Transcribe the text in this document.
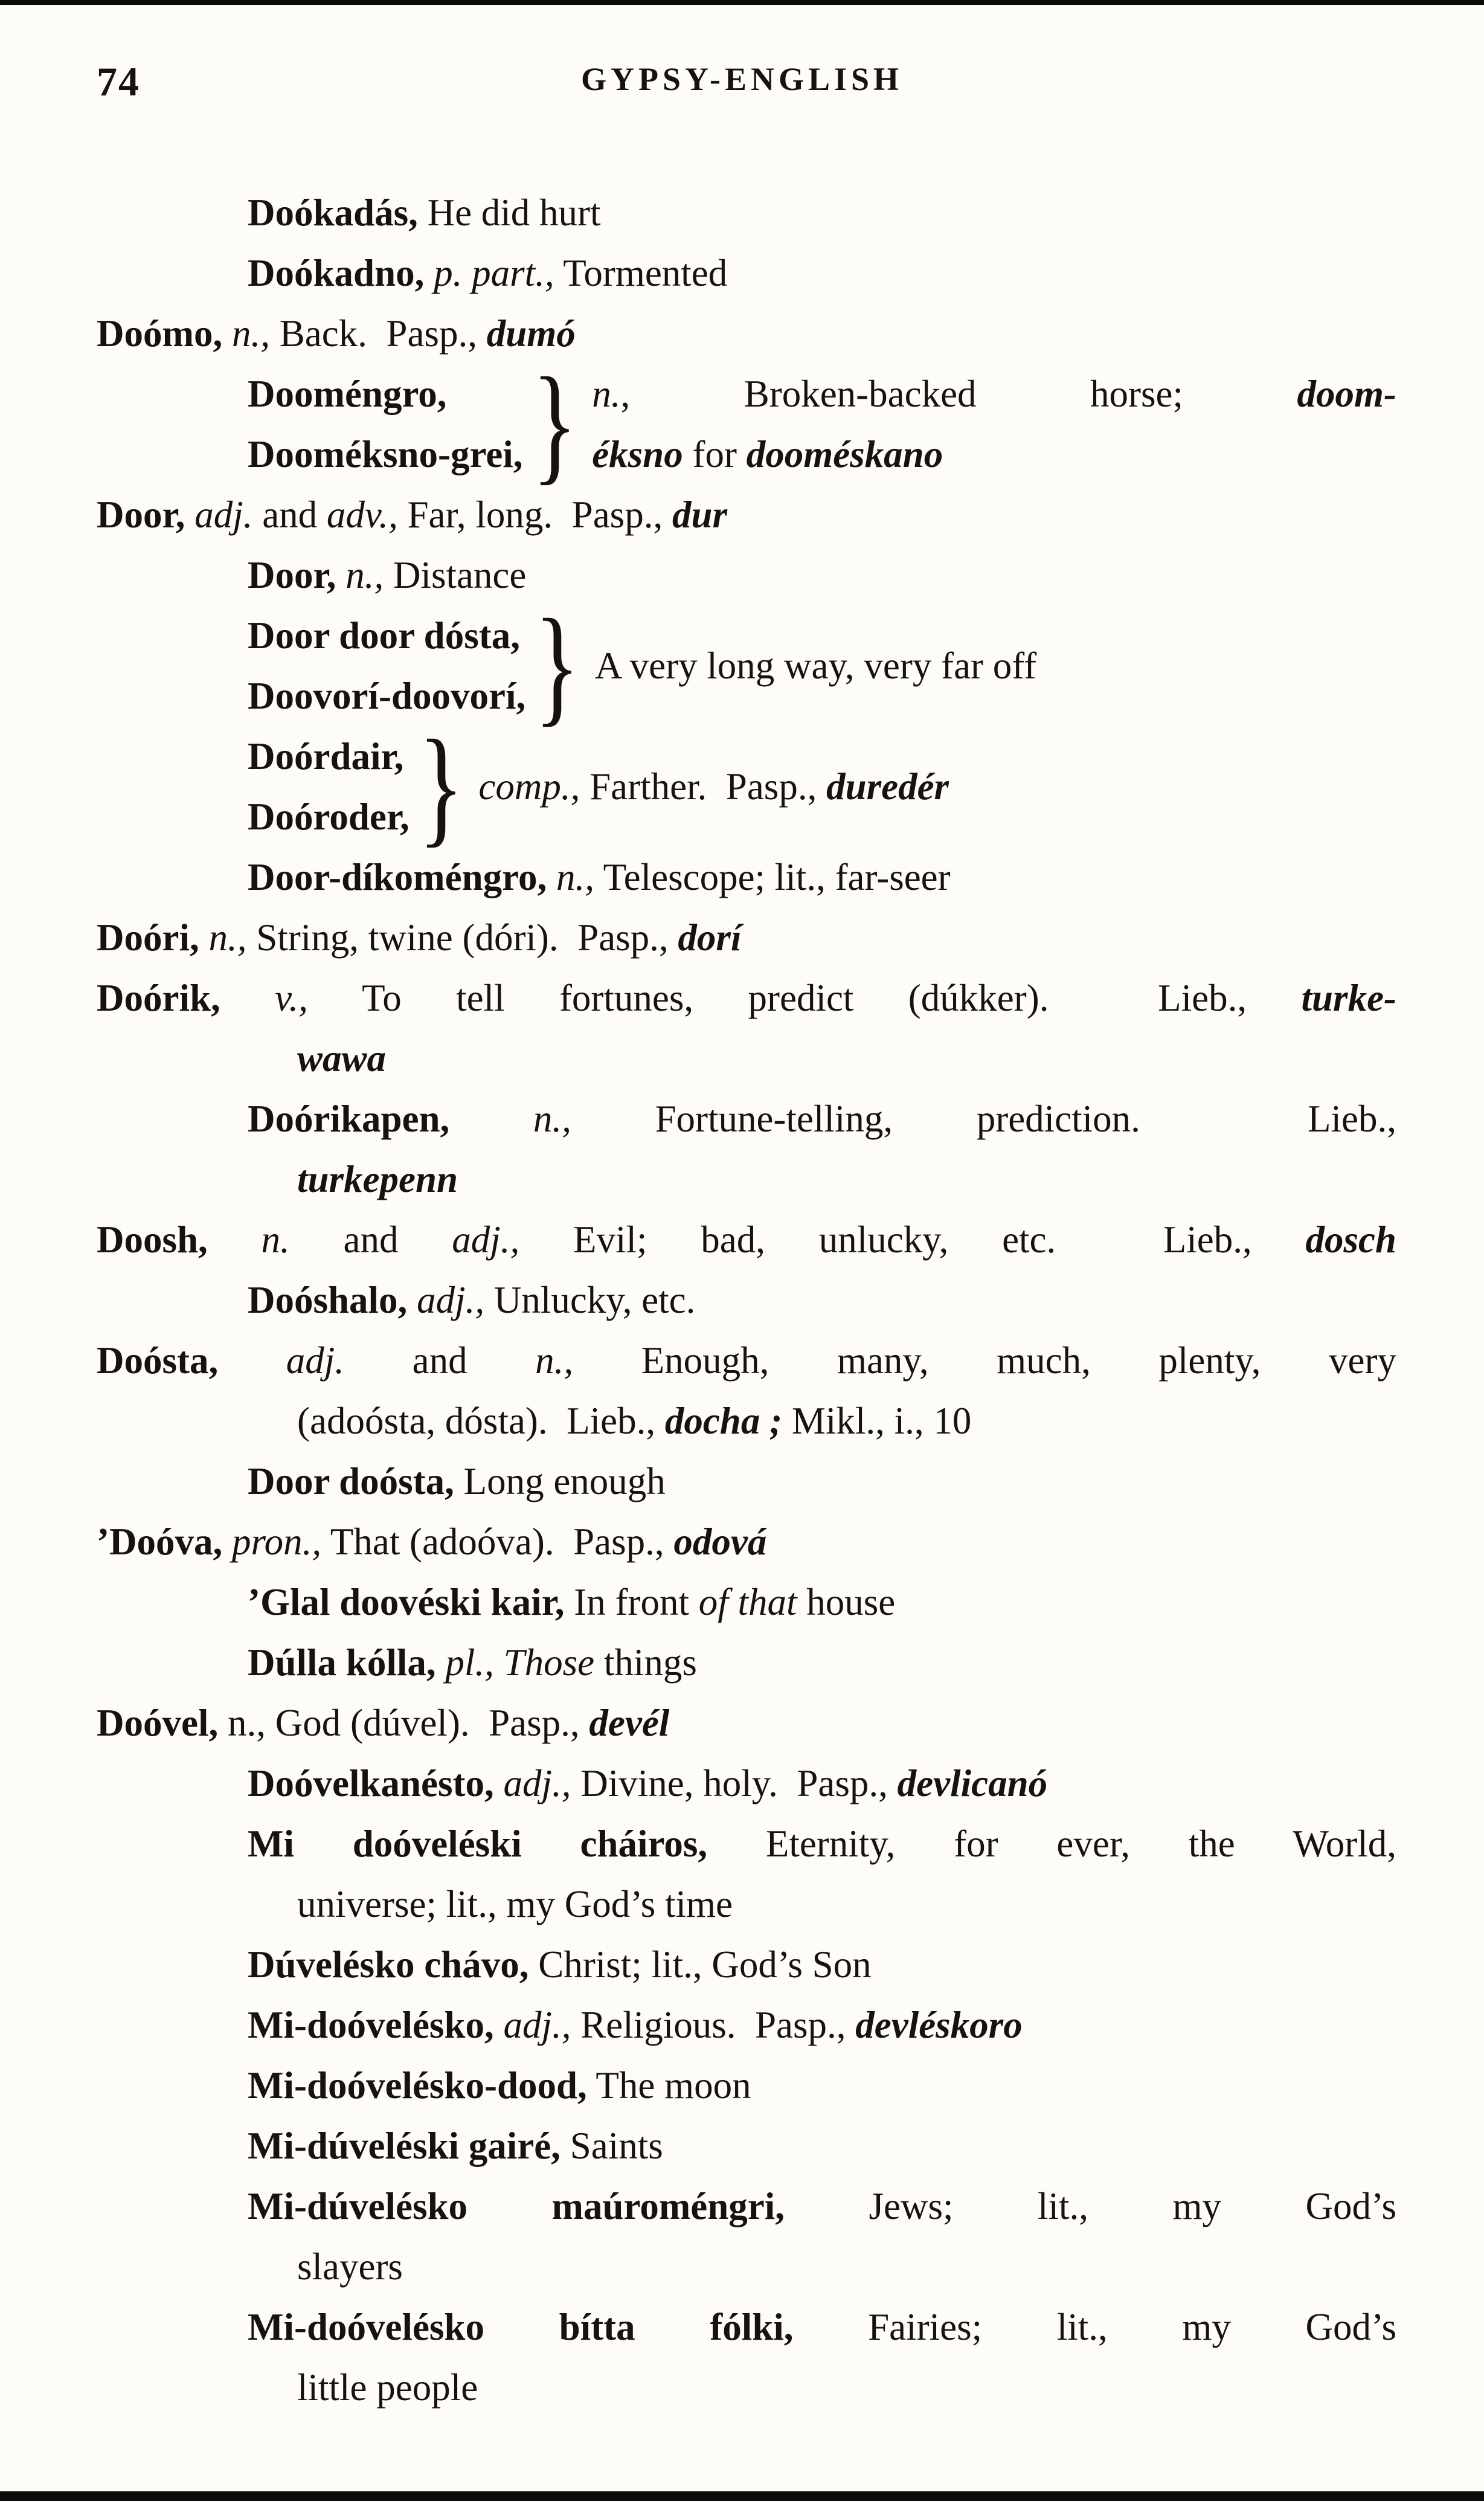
74	GYPSY-ENGLISH
Doókadás, He did hurt
Doókadno, p. part., Tormented
Doómo, n., Back.  Pasp., dumó
Dooméngro,
Dooméksno-grei, } n., Broken-backed horse; doom-
éksno for dooméskano
Door, adj. and adv., Far, long.  Pasp., dur
Door, n., Distance
Door door dósta,
Doovorí-doovorí, } A very long way, very far off
Doórdair,
Doóroder, } comp., Farther.  Pasp., duredér
Door-díkoméngro, n., Telescope; lit., far-seer
Doóri, n., String, twine (dóri).  Pasp., dorí
Doórik, v., To tell fortunes, predict (dúkker).  Lieb., turke-
wawa
Doórikapen, n., Fortune-telling, prediction.  Lieb.,
turkepenn
Doosh, n. and adj., Evil; bad, unlucky, etc.  Lieb., dosch
Doóshalo, adj., Unlucky, etc.
Doósta, adj. and n., Enough, many, much, plenty, very
(adoósta, dósta).  Lieb., docha ; Mikl., i., 10
Door doósta, Long enough
’Doóva, pron., That (adoóva).  Pasp., odová
’Glal doovéski kair, In front of that house
Dúlla kólla, pl., Those things
Doóvel, n., God (dúvel).  Pasp., devél
Doóvelkanésto, adj., Divine, holy.  Pasp., devlicanó
Mi doóveléski cháiros, Eternity, for ever, the World,
universe; lit., my God’s time
Dúvelésko chávo, Christ; lit., God’s Son
Mi-doóvelésko, adj., Religious.  Pasp., devléskoro
Mi-doóvelésko-dood, The moon
Mi-dúveléski gairé, Saints
Mi-dúvelésko maúroméngri, Jews; lit., my God’s
slayers
Mi-doóvelésko bítta fólki, Fairies; lit., my God’s
little people
